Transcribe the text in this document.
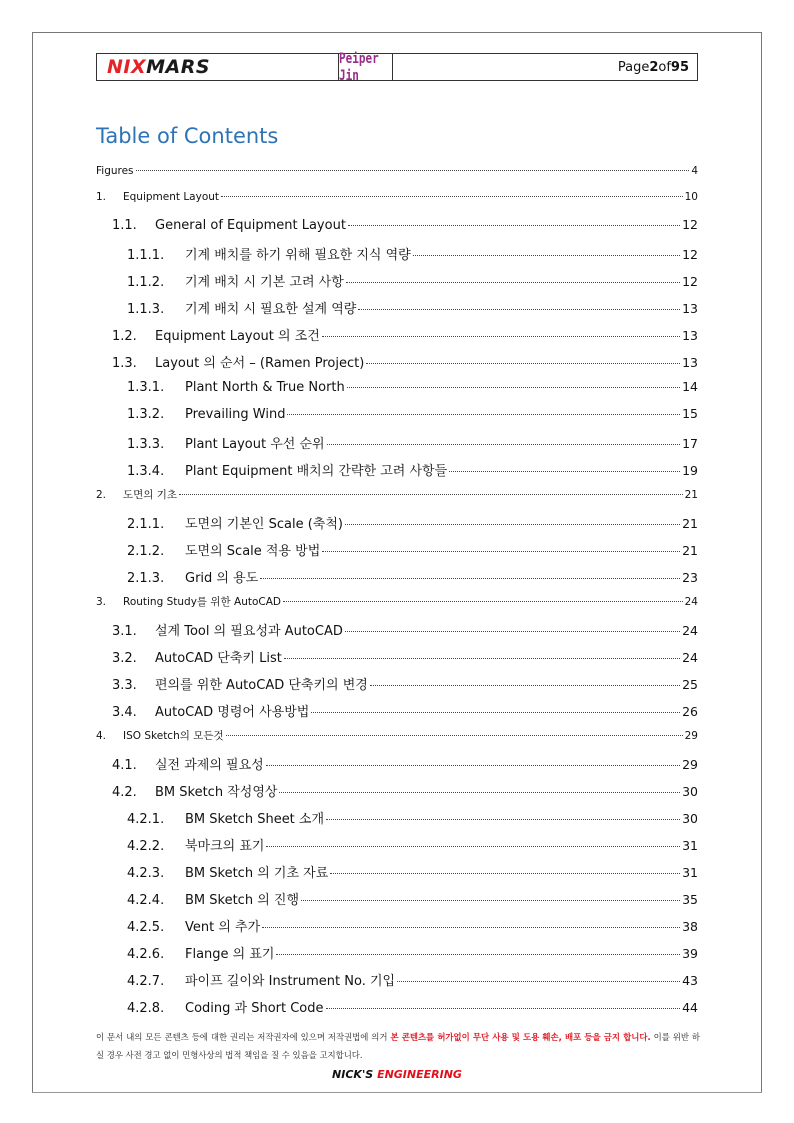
NIXMARS	Peiper Jin	Page 2 of 95
Table of Contents
Figures	4
1.	Equipment Layout	10
1.1.	General of Equipment Layout	12
1.1.1.	기계 배치를 하기 위해 필요한 지식 역량	12
1.1.2.	기계 배치 시 기본 고려 사항	12
1.1.3.	기계 배치 시 필요한 설계 역량	13
1.2.	Equipment Layout 의 조건	13
1.3.	Layout 의 순서 – (Ramen Project)	13
1.3.1.	Plant North & True North	14
1.3.2.	Prevailing Wind	15
1.3.3.	Plant Layout 우선 순위	17
1.3.4.	Plant Equipment 배치의 간략한 고려 사항들	19
2.	도면의 기초	21
2.1.1.	도면의 기본인 Scale (축척)	21
2.1.2.	도면의 Scale 적용 방법	21
2.1.3.	Grid 의 용도	23
3.	Routing Study를 위한 AutoCAD	24
3.1.	설계 Tool 의 필요성과 AutoCAD	24
3.2.	AutoCAD 단축키 List	24
3.3.	편의를 위한 AutoCAD 단축키의 변경	25
3.4.	AutoCAD 명령어 사용방법	26
4.	ISO Sketch의 모든것	29
4.1.	실전 과제의 필요성	29
4.2.	BM Sketch 작성영상	30
4.2.1.	BM Sketch Sheet 소개	30
4.2.2.	북마크의 표기	31
4.2.3.	BM Sketch 의 기초 자료	31
4.2.4.	BM Sketch 의 진행	35
4.2.5.	Vent 의 추가	38
4.2.6.	Flange 의 표기	39
4.2.7.	파이프 길이와 Instrument No. 기입	43
4.2.8.	Coding 과 Short Code	44
이 문서 내의 모든 콘텐츠 등에 대한 권리는 저작권자에 있으며 저작권법에 의거 본 콘텐츠를 허가없이 무단 사용 및 도용 훼손, 배포 등을 금지 합니다. 이를 위반 하실 경우 사전 경고 없이 민형사상의 법적 책임을 질 수 있음을 고지합니다.
NICK'S ENGINEERING
